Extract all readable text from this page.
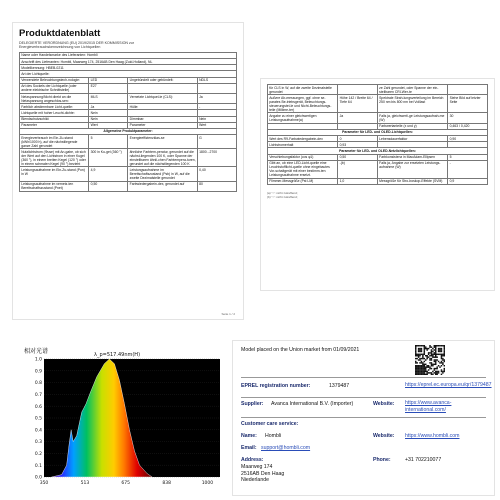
Produktdatenblatt
DELEGIERTE VERORDNUNG (EU) 2019/2015 DER KOMMISSION zur
Energieverbrauchskennzeichnung von Lichtquellen
Name oder Handelsmarke des Lieferanten: Hombli			
Anschrift des Lieferanten: Hombli, Maarweg 174, 2516AB Den Haag (Zuid-Holland), NL			
Modellkennung: HBEB-0211			
Art der Lichtquelle:			
Verwendete Beleuchtungstech-nologie:	LED	Ungebündelt oder gebündelt:	NDLS
Art des Sockels der Lichtquelle (oder andere elektrische Schnittstelle)	E27		
Netzspannung/Nicht direkt an die Netzspannung angeschlos-sen:	MLS	Vernetzte Lichtquel-le (CLS):	Ja
Farblich abstimmbare Licht-quelle:	Ja	Hülle:	-
Lichtquelle mit hoher Leucht-dichte:	Nein		
Blendschutzschild:	Nein	Dimmbar:	Nein
Parameter	Wert	Parameter	Wert
Allgemeine Produktparameter:			
Energieverbrauch im Ein-Zu-stand (kWh/1000 h), auf die nächstliegende ganze Zahl gerundet	5	Energieeffizienzklas-se	G
Nutzlichtstrom (Φuse) mit An-gabe, ob sich der Wert auf den Lichtstrom in einer Kugel (360 °), in einem breiten Kegel (120 °) oder in einem schmalen Kegel (90 °) bezieht	300 in Ku-gel (360 °)	ähnliche Farbtem-peratur, gerundet auf die nächst-liegenden 100 K, oder Spanne der einstellbaren ähnli-chen Farbtempera-turen, gerundet auf die nächstliegenden 100 K	1800...2700
Leistungsaufnahme im Ein-Zu-stand (Pon) in W	4,9	Leistungsaufnahme im Bereitschaftszustand (Psb) in W, auf die zweite Dezimalstelle gerundet	0,40
Leistungsaufnahme im vernetz-ten Bereitschaftszustand (Pnet)	0,50	Farbwiedergabein-dex, gerundet auf	80
Seite 1 / 2
für CLS in W, auf die zweite Dezimalstelle gerundet		ze Zahl gerundet, oder Spanne der ein-stellbaren CRI-Wer-te	
Außere Ab-messungen, ggf. ohne se-parates Be-triebsgerät, Beleuchtungs-steuerungstei-le und Nicht-Beleuchtungs-teile (Millime-ter)	Höhe 142 / Breite 64 / Tiefe 64	Spektrale Strah-lungsverteilung im Bereich 250 nm bis 800 nm bei Volllast	Siehe Bild auf letzter Seite
Angabe zu einer gleichwertigen Leistungsaufnahme(a)	Ja	Falls ja, gleichwerti-ge Leistungsaufnah-me (W)	30
		Farbwertanteile (x und y)	0,463 / 0,420
Parameter für LED- und OLED-Lichtquellen:			
Wert des R9-Farbwiedergabein-dex	0	Lebensdauerfaktor	0,90
Lichtstromerhalt	0,93		
Parameter für LED- und OLED-Netzlichtquellen:			
Verschiebungsfaktor (cos φ1)	0,50	Farbkonsistenz in MacAdam-Ellipsen	5
Gibt an, ob eine LED-Licht-quelle eine Leuchtstofflicht-quelle ohne eingebautes Vor-schaltgerät mit einer bestimm-ten Leistungsaufnahme ersetzt.	-(b)	Falls ja, Angabe zur ersetzten Leistungs-aufnahme (W)	-
Flimmer-Messgröße (Pst LM)	1,0	Messgröße für Stro-boskop-Effekte (SVM)	0,9
(a) "-": nicht zutreffend;
(b) "-": nicht zutreffend;
相对光谱	λ_p=517.49nm(H)
1.0
0.9
0.8
0.7
0.6
0.5
0.4
0.3
0.2
0.1
0.0
350	513	675	838	1000
Model placed on the Union market from 01/09/2021
EPREL registration number:	1379487	https://eprel.ec.europa.eu/qr/1379487
Supplier: Avanca International B.V. (Importer)	Website: https://www.avanca-international.com/
Customer care service:
Name: Hombli
Email: support@hombli.com
Address:
Maarweg 174
2516AB Den Haag
Niederlande
Website: https://www.hombli.com
Phone:	+31 702210077
